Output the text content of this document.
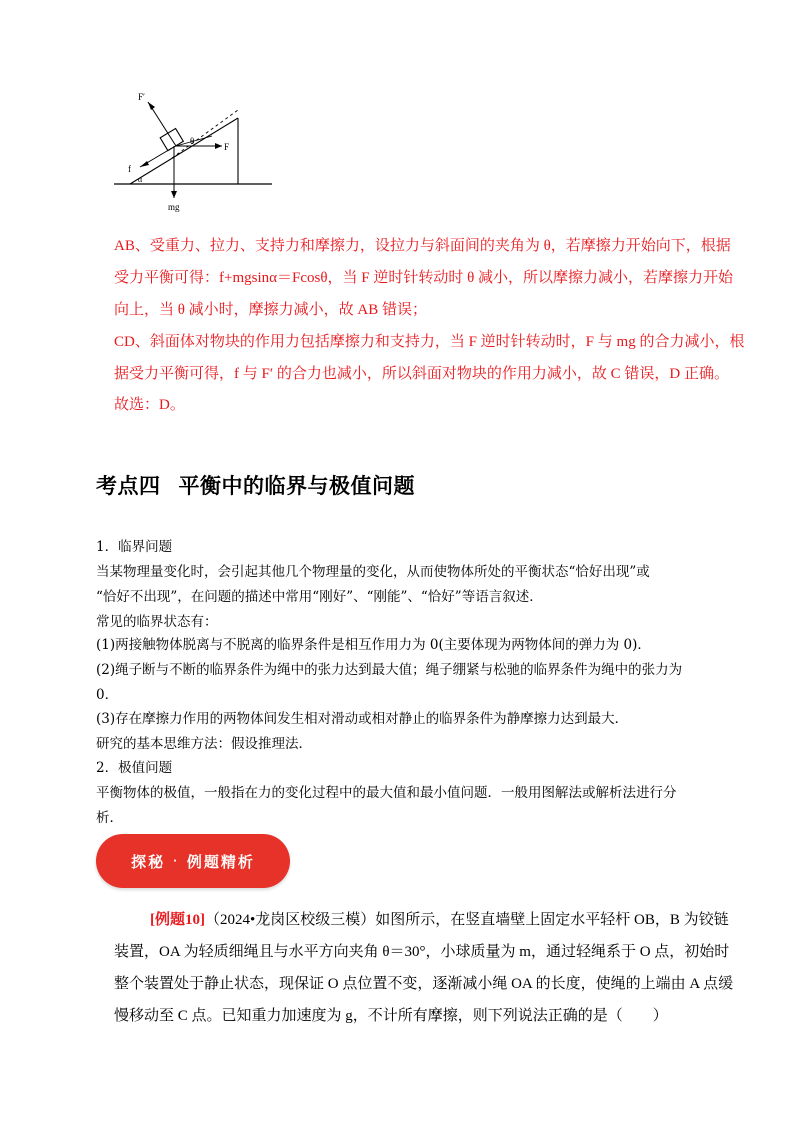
F′
θ
F
f
α
mg
AB、受重力、拉力、支持力和摩擦力，设拉力与斜面间的夹角为 θ，若摩擦力开始向下，根据
受力平衡可得：f+mgsinα＝Fcosθ，当 F 逆时针转动时 θ 减小，所以摩擦力减小，若摩擦力开始
向上，当 θ 减小时，摩擦力减小，故 AB 错误；
CD、斜面体对物块的作用力包括摩擦力和支持力，当 F 逆时针转动时，F 与 mg 的合力减小，根
据受力平衡可得，f 与 F′ 的合力也减小，所以斜面对物块的作用力减小，故 C 错误，D 正确。
故选：D。
考点四 平衡中的临界与极值问题
1．临界问题
当某物理量变化时，会引起其他几个物理量的变化，从而使物体所处的平衡状态“恰好出现”或
“恰好不出现”，在问题的描述中常用“刚好”、“刚能”、“恰好”等语言叙述．
常见的临界状态有：
(1)两接触物体脱离与不脱离的临界条件是相互作用力为 0(主要体现为两物体间的弹力为 0)．
(2)绳子断与不断的临界条件为绳中的张力达到最大值；绳子绷紧与松驰的临界条件为绳中的张力为
0．
(3)存在摩擦力作用的两物体间发生相对滑动或相对静止的临界条件为静摩擦力达到最大．
研究的基本思维方法：假设推理法．
2．极值问题
平衡物体的极值，一般指在力的变化过程中的最大值和最小值问题．一般用图解法或解析法进行分
析．
探秘 · 例题精析
[例题10]（2024•龙岗区校级三模）如图所示，在竖直墙壁上固定水平轻杆 OB，B 为铰链
装置，OA 为轻质细绳且与水平方向夹角 θ＝30°，小球质量为 m，通过轻绳系于 O 点，初始时
整个装置处于静止状态，现保证 O 点位置不变，逐渐减小绳 OA 的长度，使绳的上端由 A 点缓
慢移动至 C 点。已知重力加速度为 g，不计所有摩擦，则下列说法正确的是（　　）
